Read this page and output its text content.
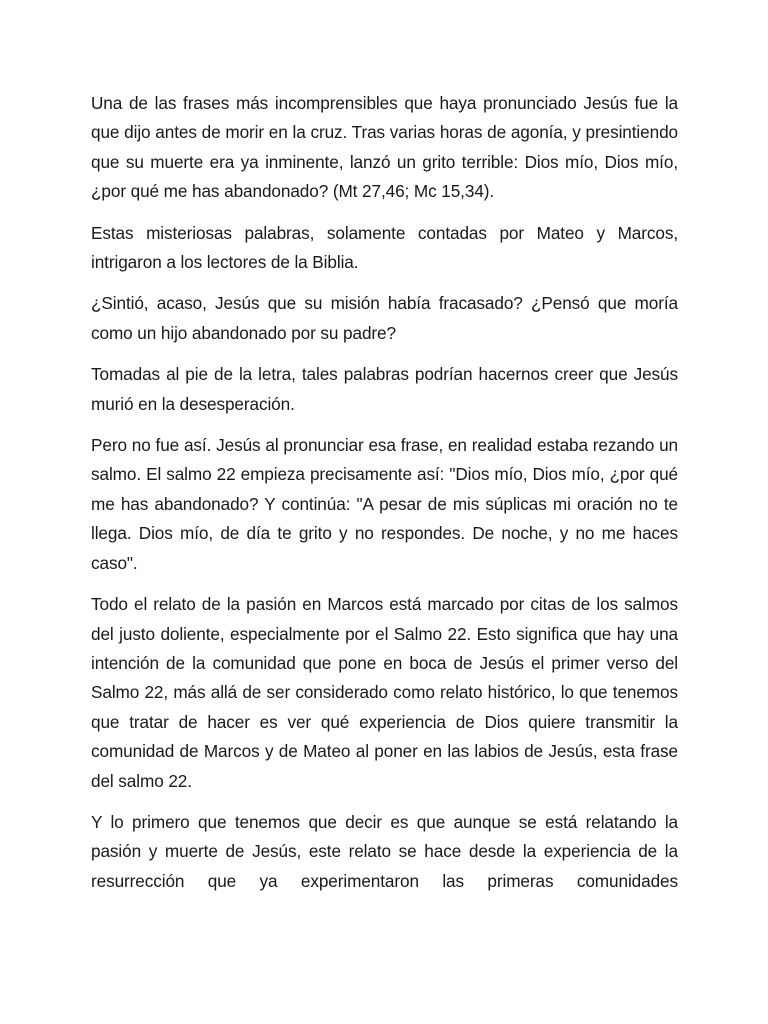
Una de las frases más incomprensibles que haya pronunciado Jesús fue la que dijo antes de morir en la cruz. Tras varias horas de agonía, y presintiendo que su muerte era ya inminente, lanzó un grito terrible: Dios mío, Dios mío, ¿por qué me has abandonado? (Mt 27,46; Mc 15,34).

Estas misteriosas palabras, solamente contadas por Mateo y Marcos, intrigaron a los lectores de la Biblia.

¿Sintió, acaso, Jesús que su misión había fracasado? ¿Pensó que moría como un hijo abandonado por su padre?

Tomadas al pie de la letra, tales palabras podrían hacernos creer que Jesús murió en la desesperación.

Pero no fue así. Jesús al pronunciar esa frase, en realidad estaba rezando un salmo. El salmo 22 empieza precisamente así: "Dios mío, Dios mío, ¿por qué me has abandonado? Y continúa: "A pesar de mis súplicas mi oración no te llega. Dios mío, de día te grito y no respondes. De noche, y no me haces caso".

Todo el relato de la pasión en Marcos está marcado por citas de los salmos del justo doliente, especialmente por el Salmo 22. Esto significa que hay una intención de la comunidad que pone en boca de Jesús el primer verso del Salmo 22, más allá de ser considerado como relato histórico, lo que tenemos que tratar de hacer es ver qué experiencia de Dios quiere transmitir la comunidad de Marcos y de Mateo al poner en las labios de Jesús, esta frase del salmo 22.

Y lo primero que tenemos que decir es que aunque se está relatando la pasión y muerte de Jesús, este relato se hace desde la experiencia de la resurrección que ya experimentaron las primeras comunidades
